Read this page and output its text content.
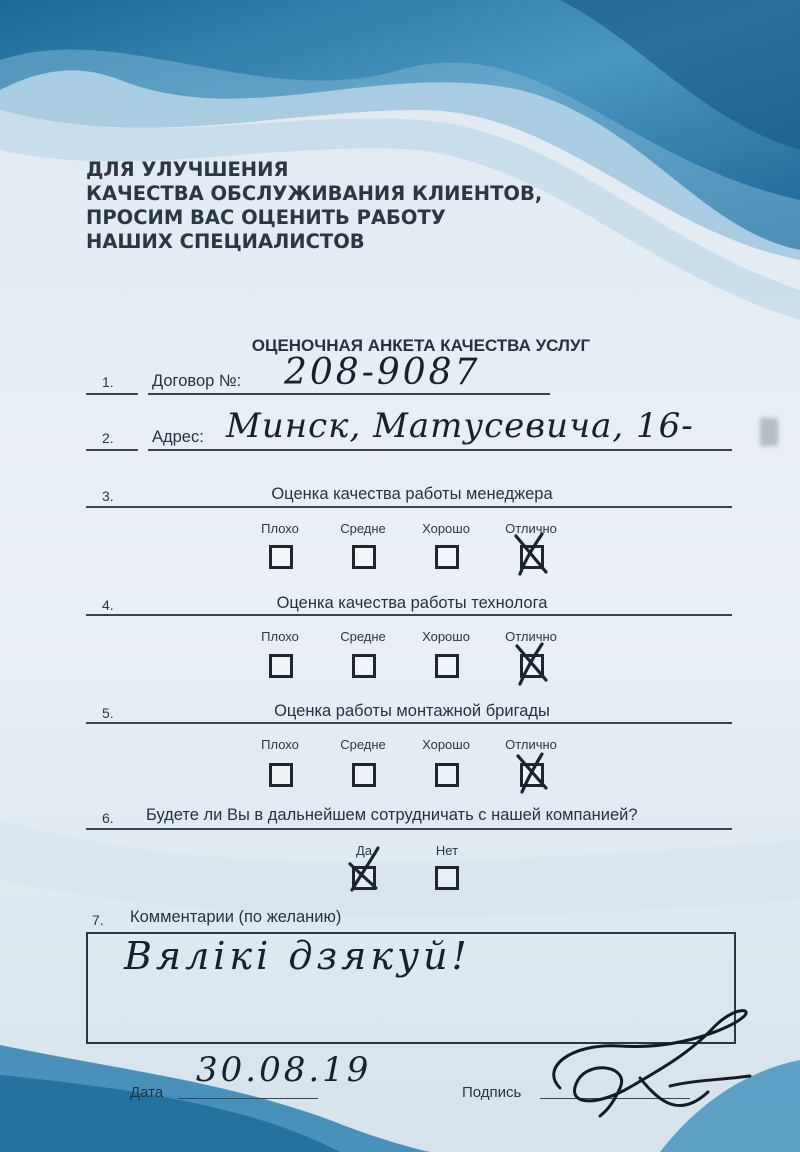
ДЛЯ УЛУЧШЕНИЯ
КАЧЕСТВА ОБСЛУЖИВАНИЯ КЛИЕНТОВ,
ПРОСИМ ВАС ОЦЕНИТЬ РАБОТУ
НАШИХ СПЕЦИАЛИСТОВ
ОЦЕНОЧНАЯ АНКЕТА КАЧЕСТВА УСЛУГ
1. Договор №: 208-9087
2. Адрес: Минск, Матусевича, 16-
3.	Оценка качества работы менеджера
Плохо	Средне	Хорошо	Отлично
4.	Оценка качества работы технолога
Плохо	Средне	Хорошо	Отлично
5.	Оценка работы монтажной бригады
Плохо	Средне	Хорошо	Отлично
6. Будете ли Вы в дальнейшем сотрудничать с нашей компанией?
Да	Нет
7. Комментарии (по желанию)
Вялікі дзякуй!
Дата
30.08.19
Подпись
